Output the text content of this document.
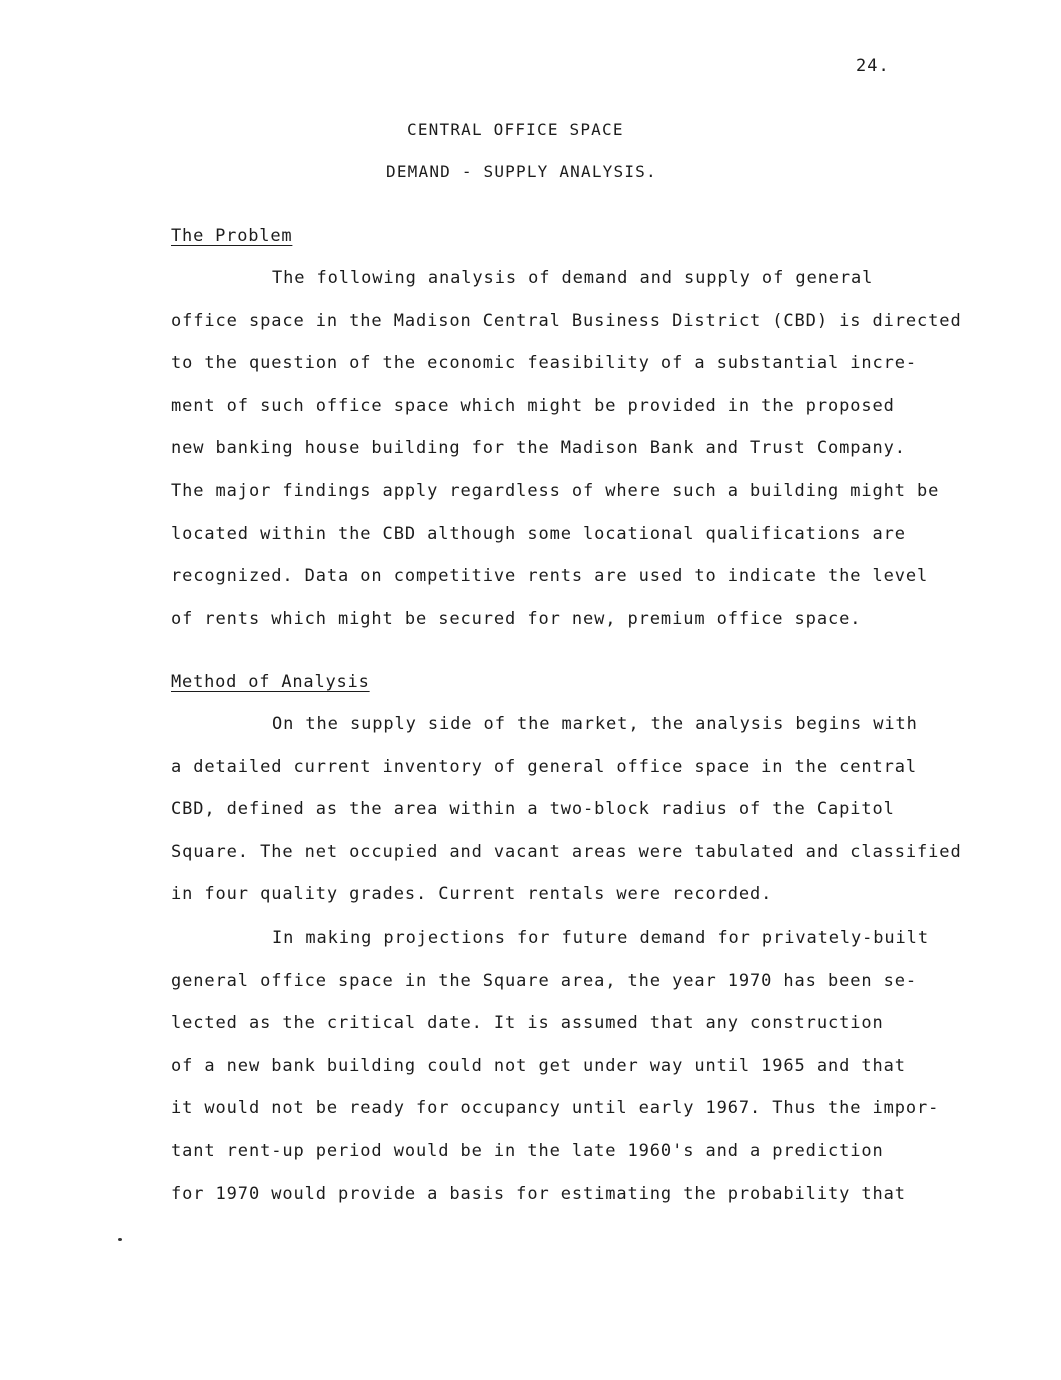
24.
CENTRAL OFFICE SPACE
DEMAND - SUPPLY ANALYSIS.
The Problem
The following analysis of demand and supply of general
office space in the Madison Central Business District (CBD) is directed
to the question of the economic feasibility of a substantial incre-
ment of such office space which might be provided in the proposed
new banking house building for the Madison Bank and Trust Company.
The major findings apply regardless of where such a building might be
located within the CBD although some locational qualifications are
recognized. Data on competitive rents are used to indicate the level
of rents which might be secured for new, premium office space.
Method of Analysis
On the supply side of the market, the analysis begins with
a detailed current inventory of general office space in the central
CBD, defined as the area within a two-block radius of the Capitol
Square. The net occupied and vacant areas were tabulated and classified
in four quality grades. Current rentals were recorded.
In making projections for future demand for privately-built
general office space in the Square area, the year 1970 has been se-
lected as the critical date. It is assumed that any construction
of a new bank building could not get under way until 1965 and that
it would not be ready for occupancy until early 1967. Thus the impor-
tant rent-up period would be in the late 1960's and a prediction
for 1970 would provide a basis for estimating the probability that
